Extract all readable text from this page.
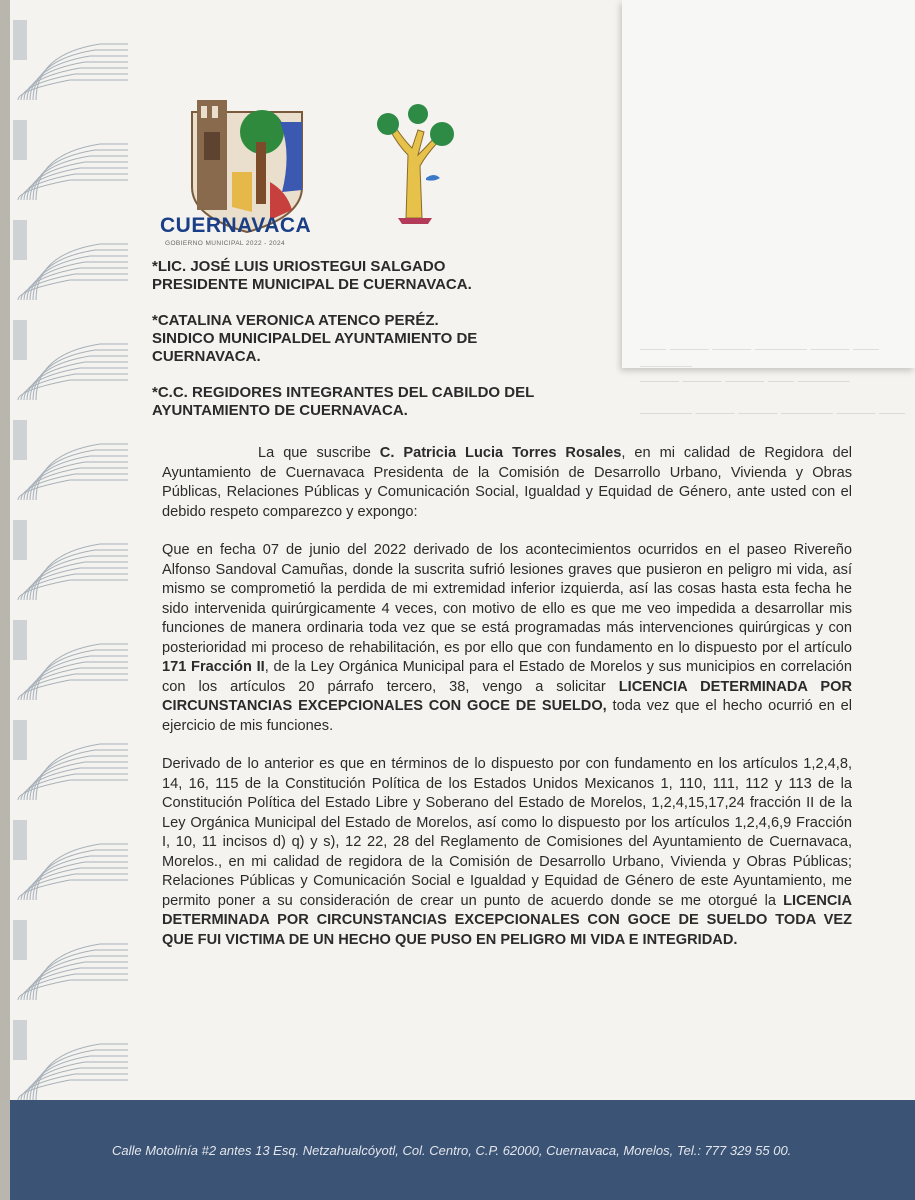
—— ——— ——— ———— ——— —— ————
——— ——— ——— —— ————
———— ——— ——— ———— ——— ——
CUERNAVACA
GOBIERNO MUNICIPAL 2022 - 2024

*LIC. JOSÉ LUIS URIOSTEGUI SALGADO
PRESIDENTE MUNICIPAL DE CUERNAVACA.

*CATALINA VERONICA ATENCO PERÉZ.
SINDICO MUNICIPALDEL AYUNTAMIENTO DE
CUERNAVACA.

*C.C. REGIDORES INTEGRANTES DEL CABILDO DEL
AYUNTAMIENTO DE CUERNAVACA.

La que suscribe C. Patricia Lucia Torres Rosales, en mi calidad de Regidora del Ayuntamiento de Cuernavaca Presidenta de la Comisión de Desarrollo Urbano, Vivienda y Obras Públicas, Relaciones Públicas y Comunicación Social, Igualdad y Equidad de Género, ante usted con el debido respeto comparezco y expongo:

Que en fecha 07 de junio del 2022 derivado de los acontecimientos ocurridos en el paseo Rivereño Alfonso Sandoval Camuñas, donde la suscrita sufrió lesiones graves que pusieron en peligro mi vida, así mismo se comprometió la perdida de mi extremidad inferior izquierda, así las cosas hasta esta fecha he sido intervenida quirúrgicamente 4 veces, con motivo de ello es que me veo impedida a desarrollar mis funciones de manera ordinaria toda vez que se está programadas más intervenciones quirúrgicas y con posterioridad mi proceso de rehabilitación, es por ello que con fundamento en lo dispuesto por el artículo 171 Fracción II, de la Ley Orgánica Municipal para el Estado de Morelos y sus municipios en correlación con los artículos 20 párrafo tercero, 38, vengo a solicitar LICENCIA DETERMINADA POR CIRCUNSTANCIAS EXCEPCIONALES CON GOCE DE SUELDO, toda vez que el hecho ocurrió en el ejercicio de mis funciones.

Derivado de lo anterior es que en términos de lo dispuesto por con fundamento en los artículos 1,2,4,8, 14, 16, 115 de la Constitución Política de los Estados Unidos Mexicanos 1, 110, 111, 112 y 113 de la Constitución Política del Estado Libre y Soberano del Estado de Morelos, 1,2,4,15,17,24 fracción II de la Ley Orgánica Municipal del Estado de Morelos, así como lo dispuesto por los artículos 1,2,4,6,9 Fracción I, 10, 11 incisos d) q) y s), 12 22, 28 del Reglamento de Comisiones del Ayuntamiento de Cuernavaca, Morelos., en mi calidad de regidora de la Comisión de Desarrollo Urbano, Vivienda y Obras Públicas; Relaciones Públicas y Comunicación Social e Igualdad y Equidad de Género de este Ayuntamiento, me permito poner a su consideración de crear un punto de acuerdo donde se me otorgué la LICENCIA DETERMINADA POR CIRCUNSTANCIAS EXCEPCIONALES CON GOCE DE SUELDO TODA VEZ QUE FUI VICTIMA DE UN HECHO QUE PUSO EN PELIGRO MI VIDA E INTEGRIDAD.

Calle Motolinía #2 antes 13 Esq. Netzahualcóyotl, Col. Centro, C.P. 62000, Cuernavaca, Morelos, Tel.: 777 329 55 00.
